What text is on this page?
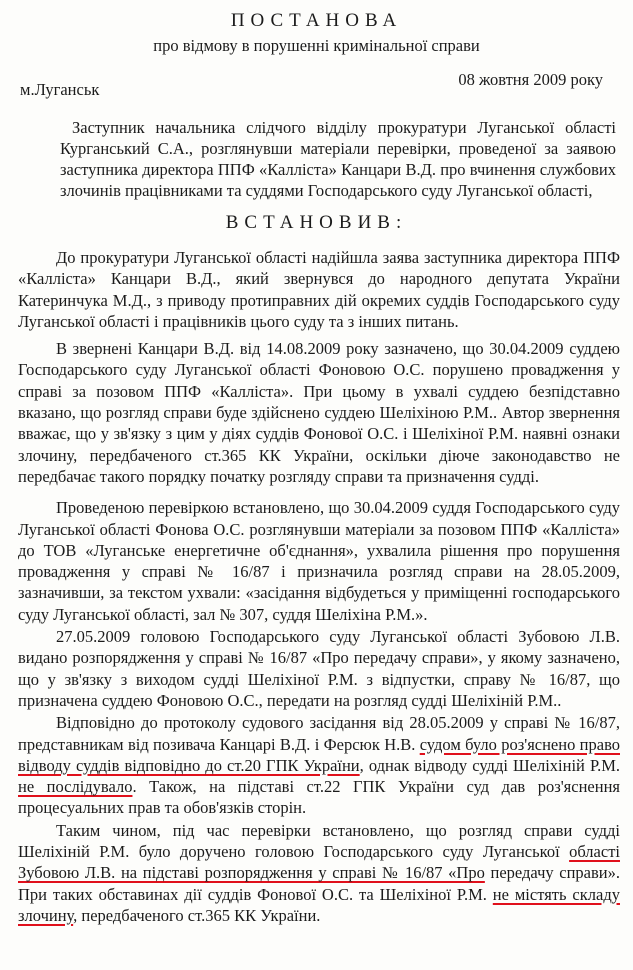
ПОСТАНОВА
про відмову в порушенні кримінальної справи
м.Луганськ
08 жовтня 2009 року
Заступник начальника слідчого відділу прокуратури Луганської області Курганський С.А., розглянувши матеріали перевірки, проведеної за заявою заступника директора ППФ «Каллiста» Канцари В.Д. про вчинення службових злочинів працівниками та суддями Господарського суду Луганської області,
ВСТАНОВИВ:

До прокуратури Луганської області надійшла заява заступника директора ППФ «Каллiста» Канцари В.Д., який звернувся до народного депутата України Катеринчука М.Д., з приводу протиправних дій окремих суддів Господарського суду Луганської області і працівників цього суду та з інших питань.

В звернені Канцари В.Д. від 14.08.2009 року зазначено, що 30.04.2009 суддею Господарського суду Луганської області Фоновою О.С. порушено провадження у справі за позовом ППФ «Каллiста». При цьому в ухвалі суддею безпідставно вказано, що розгляд справи буде здійснено суддею Шеліхіною Р.М.. Автор звернення вважає, що у зв'язку з цим у діях суддів Фонової О.С. і Шеліхіної Р.М. наявні ознаки злочину, передбаченого ст.365 КК України, оскільки діюче законодавство не передбачає такого порядку початку розгляду справи та призначення судді.

Проведеною перевіркою встановлено, що 30.04.2009 суддя Господарського суду Луганської області Фонова О.С. розглянувши матеріали за позовом ППФ «Каллiста» до ТОВ «Луганське енергетичне об'єднання», ухвалила рішення про порушення провадження у справі № 16/87 і призначила розгляд справи на 28.05.2009, зазначивши, за текстом ухвали: «засідання відбудеться у приміщенні господарського суду Луганської області, зал № 307, суддя Шеліхіна Р.М.».

27.05.2009 головою Господарського суду Луганської області Зубовою Л.В. видано розпорядження у справі № 16/87 «Про передачу справи», у якому зазначено, що у зв'язку з виходом судді Шеліхіної Р.М. з відпустки, справу № 16/87, що призначена суддею Фоновою О.С., передати на розгляд судді Шеліхіній Р.М..

Відповідно до протоколу судового засідання від 28.05.2009 у справі № 16/87, представникам від позивача Канцарі В.Д. і Ферсюк Н.В. судом було роз'яснено право відводу суддів відповідно до ст.20 ГПК України, однак відводу судді Шеліхіній Р.М. не послідувало. Також, на підставі ст.22 ГПК України суд дав роз'яснення процесуальних прав та обов'язків сторін.

Таким чином, під час перевірки встановлено, що розгляд справи судді Шеліхіній Р.М. було доручено головою Господарського суду Луганської області Зубовою Л.В. на підставі розпорядження у справі № 16/87 «Про передачу справи». При таких обставинах дії суддів Фонової О.С. та Шеліхіної Р.М. не містять складу злочину, передбаченого ст.365 КК України.
